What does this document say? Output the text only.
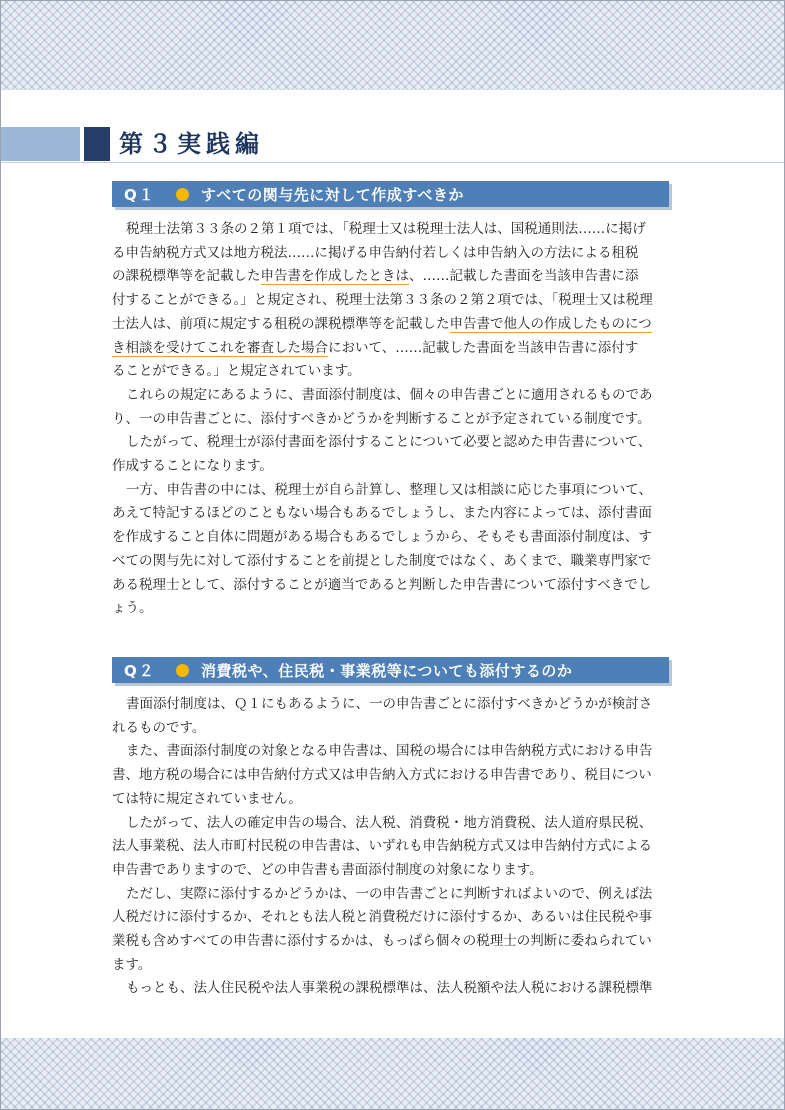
第３実践編
Q１	すべての関与先に対して作成すべきか

税理士法第３３条の２第１項では、「税理士又は税理士法人は、国税通則法‥‥‥に掲げ

る申告納税方式又は地方税法‥‥‥に掲げる申告納付若しくは申告納入の方法による租税

の課税標準等を記載した申告書を作成したときは、‥‥‥記載した書面を当該申告書に添

付することができる。」と規定され、税理士法第３３条の２第２項では、「税理士又は税理

士法人は、前項に規定する租税の課税標準等を記載した申告書で他人の作成したものにつ

き相談を受けてこれを審査した場合において、‥‥‥記載した書面を当該申告書に添付す

ることができる。」と規定されています。

これらの規定にあるように、書面添付制度は、個々の申告書ごとに適用されるものであ

り、一の申告書ごとに、添付すべきかどうかを判断することが予定されている制度です。

したがって、税理士が添付書面を添付することについて必要と認めた申告書について、

作成することになります。

一方、申告書の中には、税理士が自ら計算し、整理し又は相談に応じた事項について、

あえて特記するほどのこともない場合もあるでしょうし、また内容によっては、添付書面

を作成すること自体に問題がある場合もあるでしょうから、そもそも書面添付制度は、す

べての関与先に対して添付することを前提とした制度ではなく、あくまで、職業専門家で

ある税理士として、添付することが適当であると判断した申告書について添付すべきでし

ょう。

Q２	消費税や、住民税・事業税等についても添付するのか

書面添付制度は、Ｑ１にもあるように、一の申告書ごとに添付すべきかどうかが検討さ

れるものです。

また、書面添付制度の対象となる申告書は、国税の場合には申告納税方式における申告

書、地方税の場合には申告納付方式又は申告納入方式における申告書であり、税目につい

ては特に規定されていません。

したがって、法人の確定申告の場合、法人税、消費税・地方消費税、法人道府県民税、

法人事業税、法人市町村民税の申告書は、いずれも申告納税方式又は申告納付方式による

申告書でありますので、どの申告書も書面添付制度の対象になります。

ただし、実際に添付するかどうかは、一の申告書ごとに判断すればよいので、例えば法

人税だけに添付するか、それとも法人税と消費税だけに添付するか、あるいは住民税や事

業税も含めすべての申告書に添付するかは、もっぱら個々の税理士の判断に委ねられてい

ます。

もっとも、法人住民税や法人事業税の課税標準は、法人税額や法人税における課税標準
